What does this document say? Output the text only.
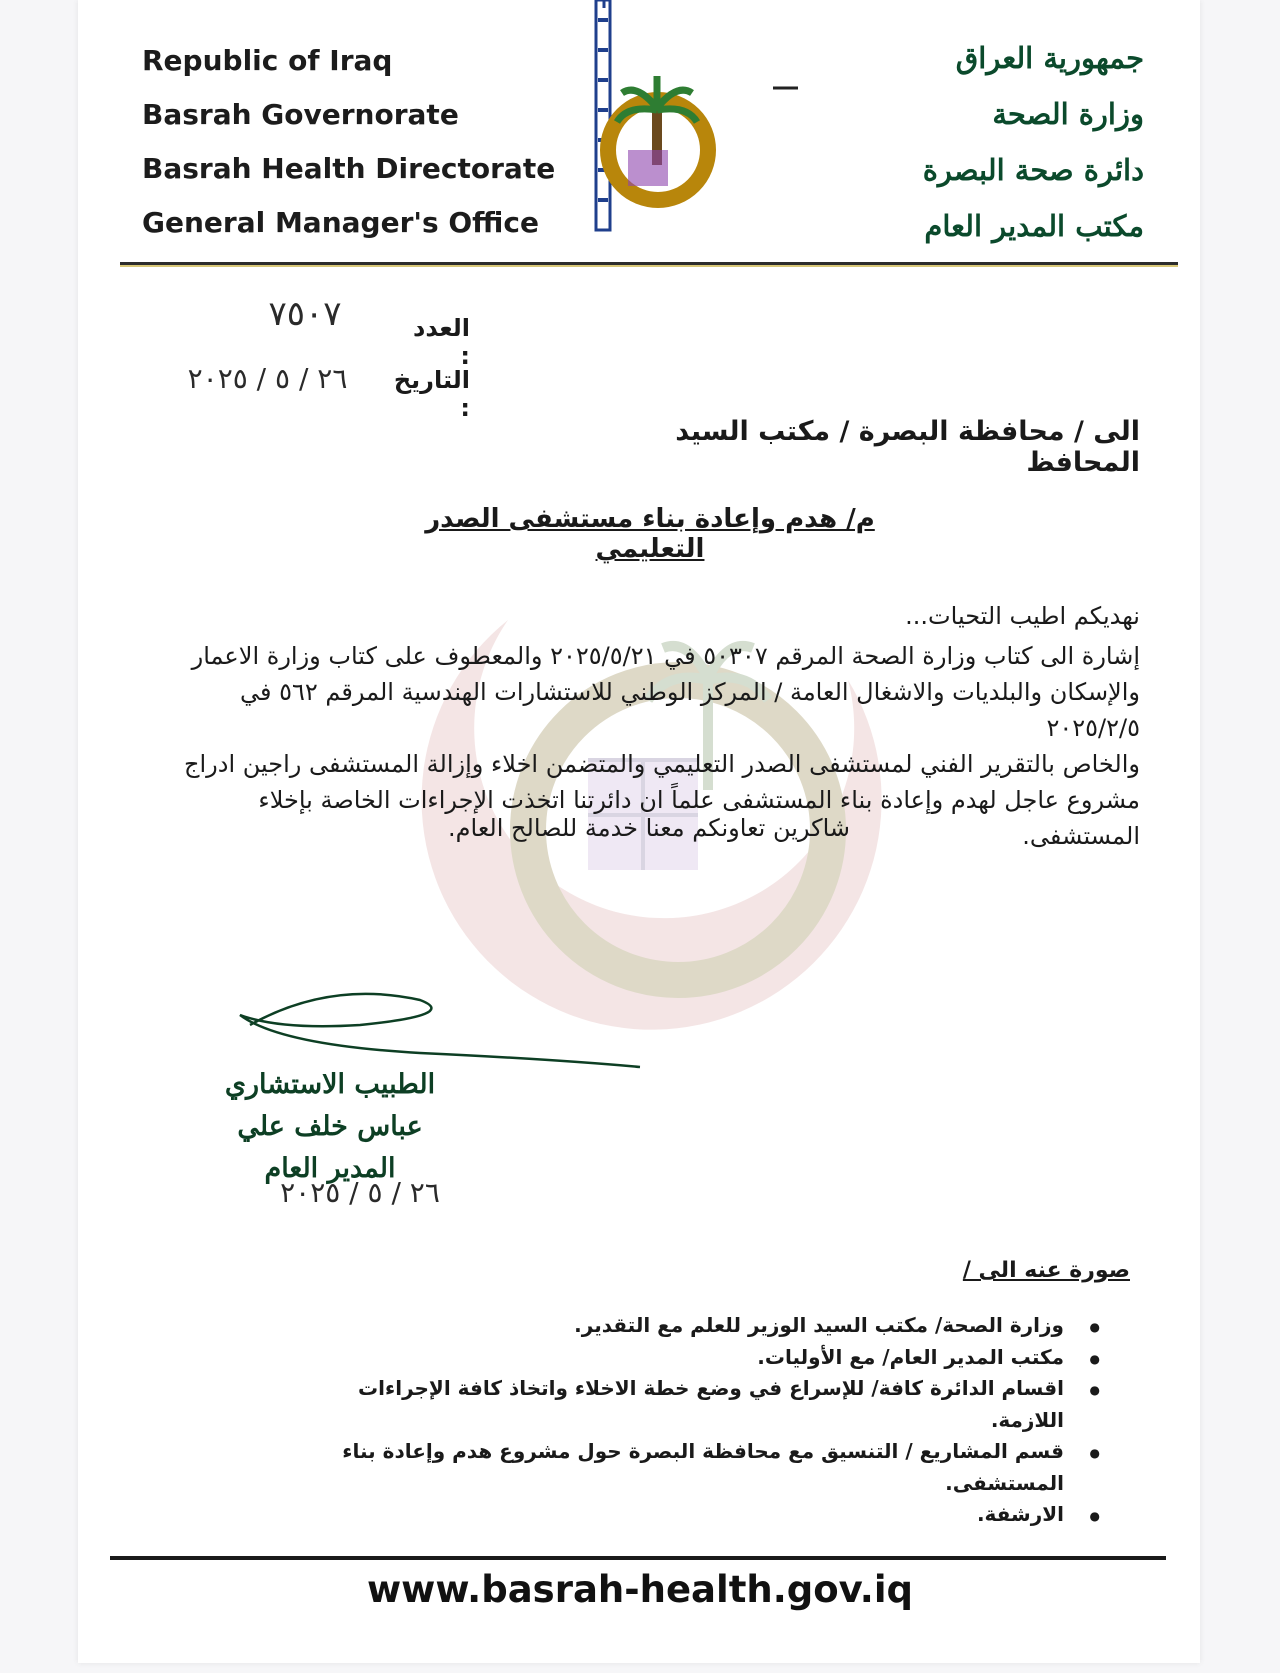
Republic of Iraq
Basrah Governorate
Basrah Health Directorate
General Manager's Office
جمهورية العراق
وزارة الصحة
دائرة صحة البصرة
مكتب المدير العام
العدد :
٧٥٠٧
التاريخ :
٢٦ / ٥ / ٢٠٢٥
الى / محافظة البصرة / مكتب السيد المحافظ
م/ هدم وإعادة بناء مستشفى الصدر التعليمي
نهديكم اطيب التحيات...
إشارة الى كتاب وزارة الصحة المرقم ٥٠٣٠٧ في ٢٠٢٥/٥/٢١ والمعطوف على كتاب وزارة الاعمار
والإسكان والبلديات والاشغال العامة / المركز الوطني للاستشارات الهندسية المرقم ٥٦٢ في ٢٠٢٥/٢/٥
والخاص بالتقرير الفني لمستشفى الصدر التعليمي والمتضمن اخلاء وإزالة المستشفى راجين ادراج
مشروع عاجل لهدم وإعادة بناء المستشفى علماً ان دائرتنا اتخذت الإجراءات الخاصة بإخلاء المستشفى.
شاكرين تعاونكم معنا خدمة للصالح العام.
الطبيب الاستشاري
عباس خلف علي
المدير العام
٢٦ / ٥ / ٢٠٢٥
صورة عنه الى /
● وزارة الصحة/ مكتب السيد الوزير للعلم مع التقدير.
● مكتب المدير العام/ مع الأوليات.
● اقسام الدائرة كافة/ للإسراع في وضع خطة الاخلاء واتخاذ كافة الإجراءات اللازمة.
● قسم المشاريع / التنسيق مع محافظة البصرة حول مشروع هدم وإعادة بناء المستشفى.
● الارشفة.
www.basrah-health.gov.iq
